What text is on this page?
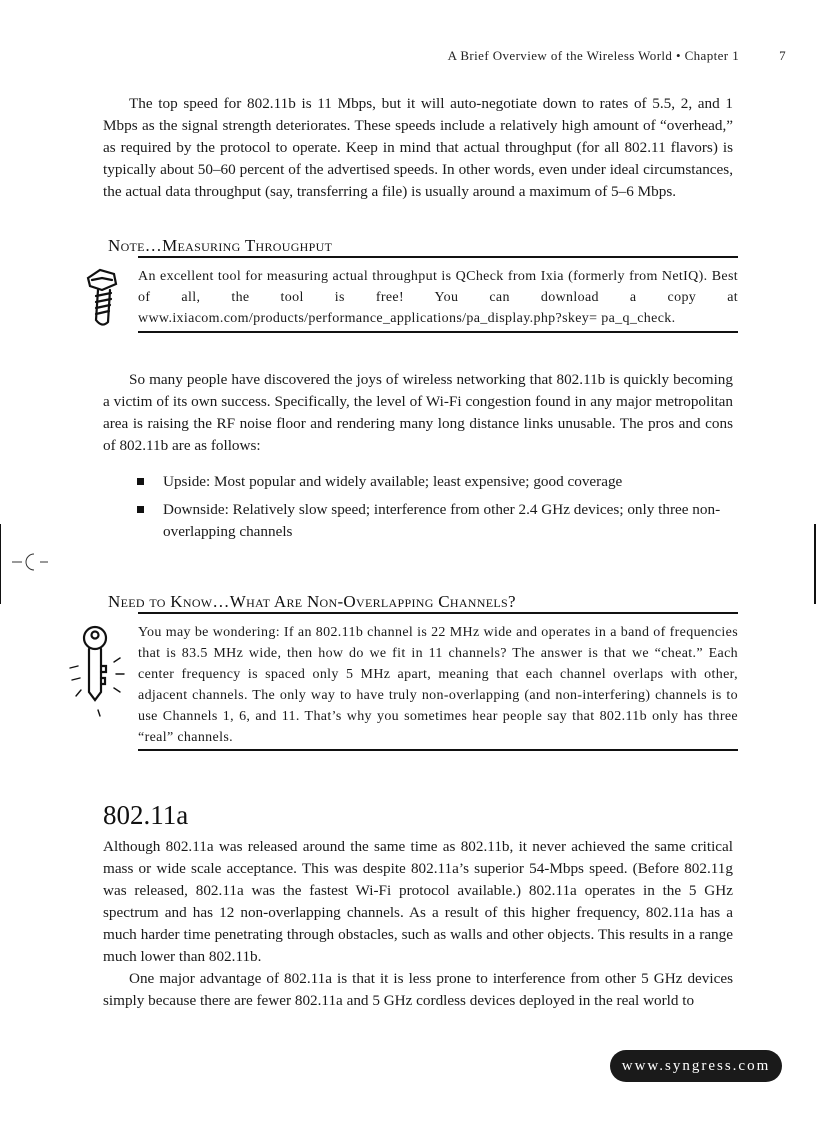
A Brief Overview of the Wireless World • Chapter 1	7

The top speed for 802.11b is 11 Mbps, but it will auto-negotiate down to rates of 5.5, 2, and 1 Mbps as the signal strength deteriorates. These speeds include a relatively high amount of “overhead,” as required by the protocol to operate. Keep in mind that actual throughput (for all 802.11 flavors) is typically about 50–60 percent of the advertised speeds. In other words, even under ideal circumstances, the actual data throughput (say, transferring a file) is usually around a maximum of 5–6 Mbps.

Note…Measuring Throughput
An excellent tool for measuring actual throughput is QCheck from Ixia (formerly from NetIQ). Best of all, the tool is free! You can download a copy at www.ixiacom.com/products/performance_applications/pa_display.php?skey= pa_q_check.

So many people have discovered the joys of wireless networking that 802.11b is quickly becoming a victim of its own success. Specifically, the level of Wi-Fi congestion found in any major metropolitan area is raising the RF noise floor and rendering many long distance links unusable. The pros and cons of 802.11b are as follows:

Upside: Most popular and widely available; least expensive; good coverage
Downside: Relatively slow speed; interference from other 2.4 GHz devices; only three non-overlapping channels
Need to Know…What Are Non-Overlapping Channels?
You may be wondering: If an 802.11b channel is 22 MHz wide and operates in a band of frequencies that is 83.5 MHz wide, then how do we fit in 11 channels? The answer is that we “cheat.” Each center frequency is spaced only 5 MHz apart, meaning that each channel overlaps with other, adjacent channels. The only way to have truly non-overlapping (and non-interfering) channels is to use Channels 1, 6, and 11. That’s why you sometimes hear people say that 802.11b only has three “real” channels.
802.11a

Although 802.11a was released around the same time as 802.11b, it never achieved the same critical mass or wide scale acceptance. This was despite 802.11a’s superior 54-Mbps speed. (Before 802.11g was released, 802.11a was the fastest Wi-Fi protocol available.) 802.11a operates in the 5 GHz spectrum and has 12 non-overlapping channels. As a result of this higher frequency, 802.11a has a much harder time penetrating through obstacles, such as walls and other objects. This results in a range much lower than 802.11b.

One major advantage of 802.11a is that it is less prone to interference from other 5 GHz devices simply because there are fewer 802.11a and 5 GHz cordless devices deployed in the real world to

www.syngress.com
